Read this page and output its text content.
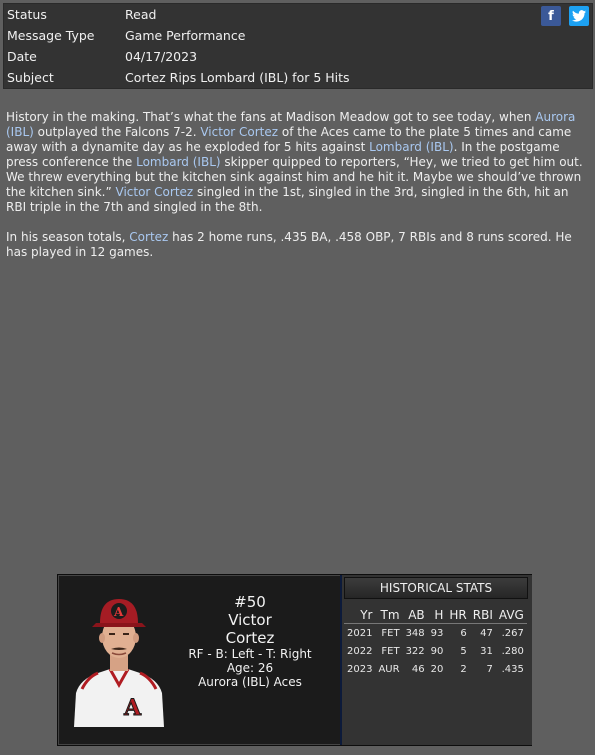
Status	Read
Message Type	Game Performance
Date	04/17/2023
Subject	Cortez Rips Lombard (IBL) for 5 Hits
f

History in the making. That’s what the fans at Madison Meadow got to see today, when Aurora (IBL) outplayed the Falcons 7-2. Victor Cortez of the Aces came to the plate 5 times and came away with a dynamite day as he exploded for 5 hits against Lombard (IBL). In the postgame press conference the Lombard (IBL) skipper quipped to reporters, “Hey, we tried to get him out. We threw everything but the kitchen sink against him and he hit it. Maybe we should’ve thrown the kitchen sink.” Victor Cortez singled in the 1st, singled in the 3rd, singled in the 6th, hit an RBI triple in the 7th and singled in the 8th.

In his season totals, Cortez has 2 home runs, .435 BA, .458 OBP, 7 RBIs and 8 runs scored. He has played in 12 games.

A
A
#50
Victor
Cortez
RF - B: Left - T: Right
Age: 26
Aurora (IBL) Aces
HISTORICAL STATS
Yr	Tm	AB	H	HR	RBI	AVG
2021	FET	348	93	6	47	.267
2022	FET	322	90	5	31	.280
2023	AUR	46	20	2	7	.435
